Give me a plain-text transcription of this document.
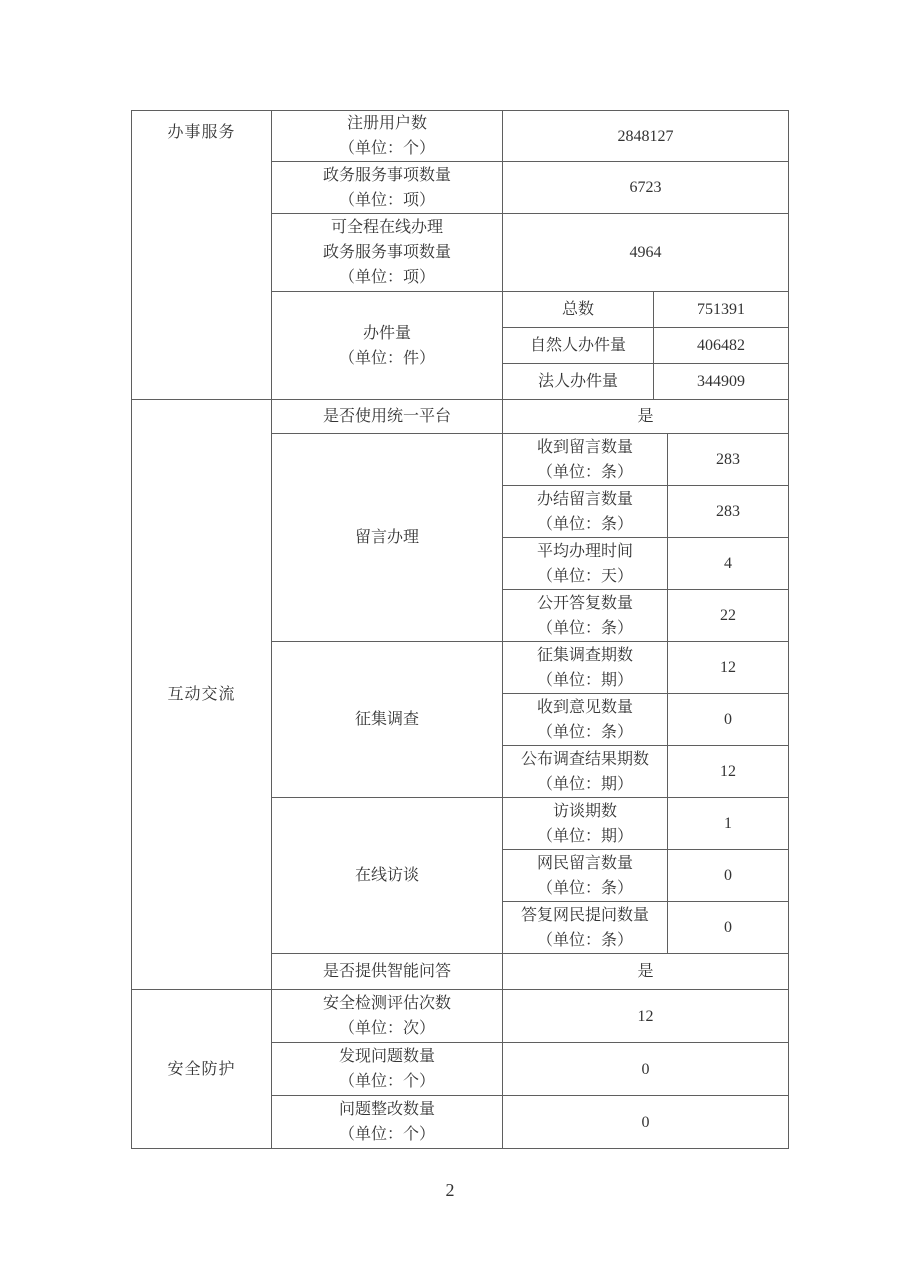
办事服务	注册用户数
（单位：个）	2848127		

	政务服务事项数量
（单位：项）	6723		

	可全程在线办理
政务服务事项数量
（单位：项）	4964		

	办件量
（单位：件）	总数	751391	
		自然人办件量	406482	
		法人办件量	344909	
互动交流	是否使用统一平台	是		
	留言办理	收到留言数量
（单位：条）		283

		办结留言数量
（单位：条）		283

		平均办理时间
（单位：天）		4

		公开答复数量
（单位：条）		22
	征集调查	征集调查期数
（单位：期）		12

		收到意见数量
（单位：条）		0

		公布调查结果期数
（单位：期）		12
	在线访谈	访谈期数
（单位：期）		1

		网民留言数量
（单位：条）		0

		答复网民提问数量
（单位：条）		0
	是否提供智能问答	是		
安全防护	安全检测评估次数
（单位：次）	12		

	发现问题数量
（单位：个）	0		

	问题整改数量
（单位：个）	0		
2
